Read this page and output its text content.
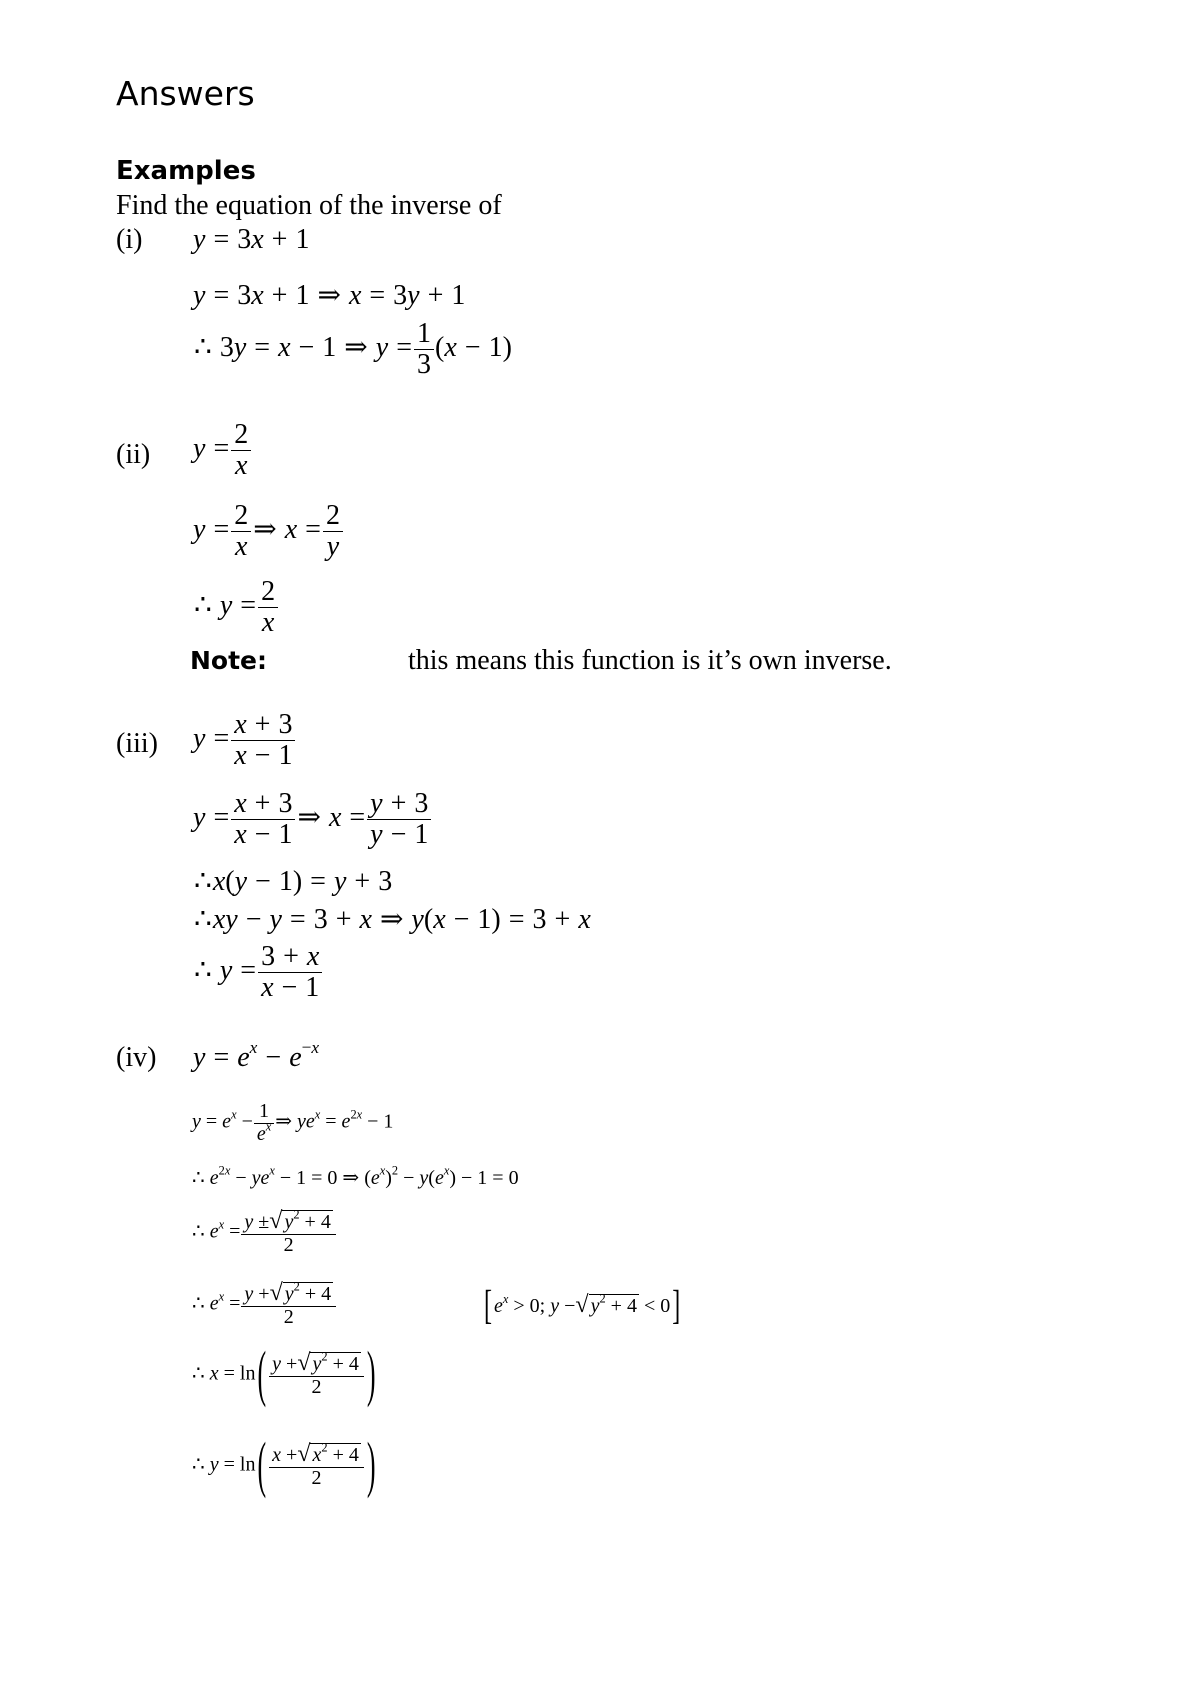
Answers
Examples
Find the equation of the inverse of
(i) y = 3x + 1
y = 3x + 1 ⇒ x = 3y + 1
∴ 3y = x − 1 ⇒ $y = \frac{1}{3} (x - 1)$
(ii) $y = \frac{2}{x}$
$y = \frac{2}{x}$ ⇒ $x = \frac{2}{y}$
∴ $y = \frac{2}{x}$
Note:	this means this function is it’s own inverse.
(iii) $y = \frac{x + 3}{x - 1}$
$y = \frac{x + 3}{x - 1}$ ⇒ $x = \frac{y + 3}{y - 1}$
∴x(y − 1) = y + 3
∴xy − y = 3 + x ⇒ y(x − 1) = 3 + x
∴ $y = \frac{3 + x}{x - 1}$
(iv) $y = e^x - e^{-x}$
$y = e^x - \frac{1}{e^x}$ ⇒ $ye^x = e^{2x} - 1$
∴ $e^{2x} - ye^x - 1 = 0$ ⇒ $(e^x)^2 - y(e^x) - 1 = 0$
∴ $e^x = \frac{y \pm√ y^2 + 4}{2}$
∴ $e^x = \frac{y +√ y^2 + 4}{2}$	[ $e^x > 0$; y −√ $y^2 + 4 < 0$]
∴ $x = \ln( \frac{y +√ y^2 + 4}{2}$ )
∴ $y = \ln( \frac{x +√ x^2 + 4}{2}$ )
